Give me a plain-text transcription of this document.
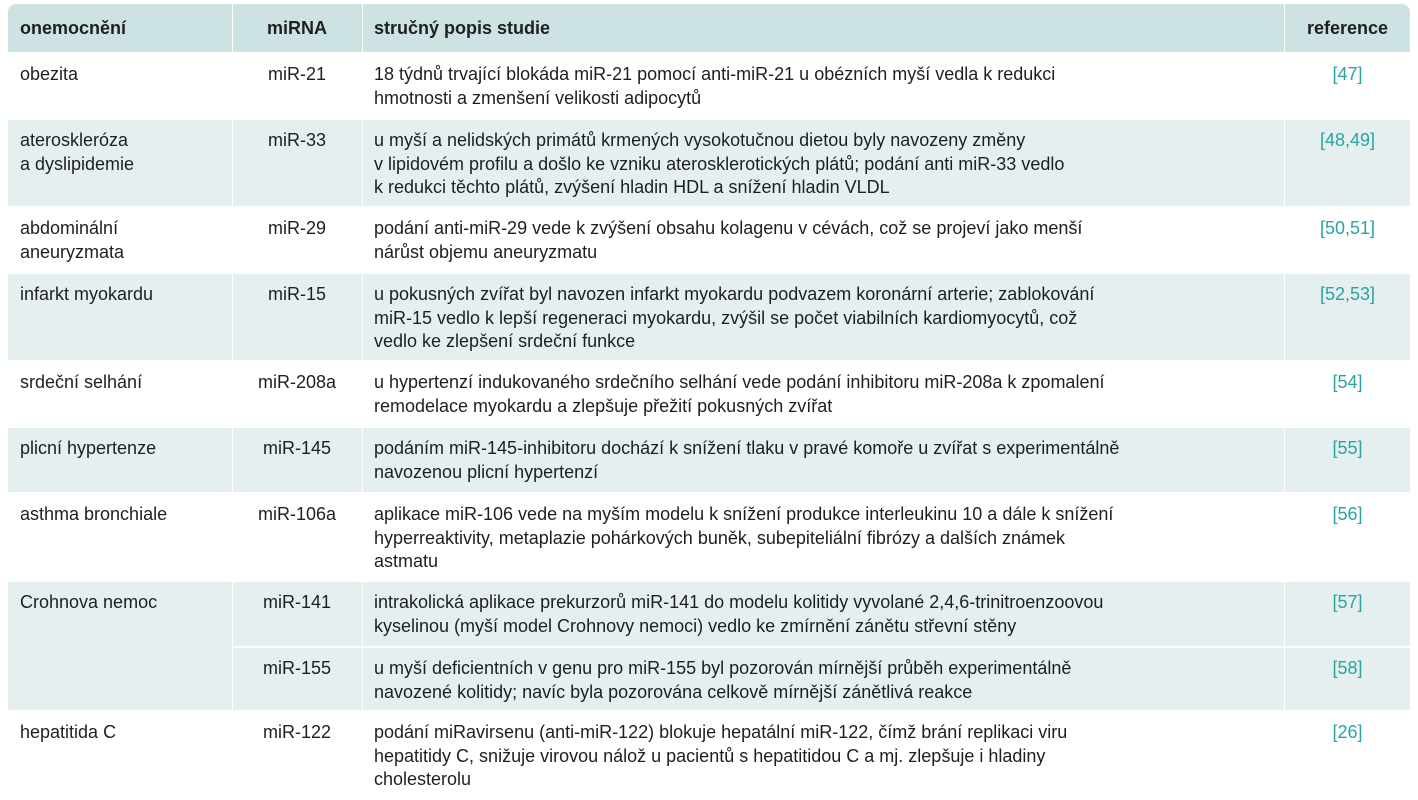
onemocnění	miRNA	stručný popis studie	reference
obezita	miR-21	18 týdnů trvající blokáda miR-21 pomocí anti-miR-21 u obézních myší vedla k redukci
hmotnosti a zmenšení velikosti adipocytů
[47]
ateroskleróza
a dyslipidemie
miR-33	u myší a nelidských primátů krmených vysokotučnou dietou byly navozeny změny
v lipidovém profilu a došlo ke vzniku aterosklerotických plátů; podání anti miR-33 vedlo
k redukci těchto plátů, zvýšení hladin HDL a snížení hladin VLDL
[48,49]
abdominální
aneuryzmata
miR-29	podání anti-miR-29 vede k zvýšení obsahu kolagenu v cévách, což se projeví jako menší
nárůst objemu aneuryzmatu
[50,51]
infarkt myokardu	miR-15	u pokusných zvířat byl navozen infarkt myokardu podvazem koronární arterie; zablokování
miR-15 vedlo k lepší regeneraci myokardu, zvýšil se počet viabilních kardiomyocytů, což
vedlo ke zlepšení srdeční funkce
[52,53]
srdeční selhání	miR-208a	u hypertenzí indukovaného srdečního selhání vede podání inhibitoru miR-208a k zpomalení
remodelace myokardu a zlepšuje přežití pokusných zvířat
[54]
plicní hypertenze	miR-145	podáním miR-145-inhibitoru dochází k snížení tlaku v pravé komoře u zvířat s experimentálně
navozenou plicní hypertenzí
[55]
asthma bronchiale	miR-106a	aplikace miR-106 vede na myším modelu k snížení produkce interleukinu 10 a dále k snížení
hyperreaktivity, metaplazie pohárkových buněk, subepiteliální fibrózy a dalších známek
astmatu
[56]
Crohnova nemoc	miR-141	intrakolická aplikace prekurzorů miR-141 do modelu kolitidy vyvolané 2,4,6-trinitroenzoovou
kyselinou (myší model Crohnovy nemoci) vedlo ke zmírnění zánětu střevní stěny
[57]
miR-155	u myší deficientních v genu pro miR-155 byl pozorován mírnější průběh experimentálně
navozené kolitidy; navíc byla pozorována celkově mírnější zánětlivá reakce
[58]
hepatitida C	miR-122	podání miRavirsenu (anti-miR-122) blokuje hepatální miR-122, čímž brání replikaci viru
hepatitidy C, snižuje virovou nálož u pacientů s hepatitidou C a mj. zlepšuje i hladiny
cholesterolu
[26]
